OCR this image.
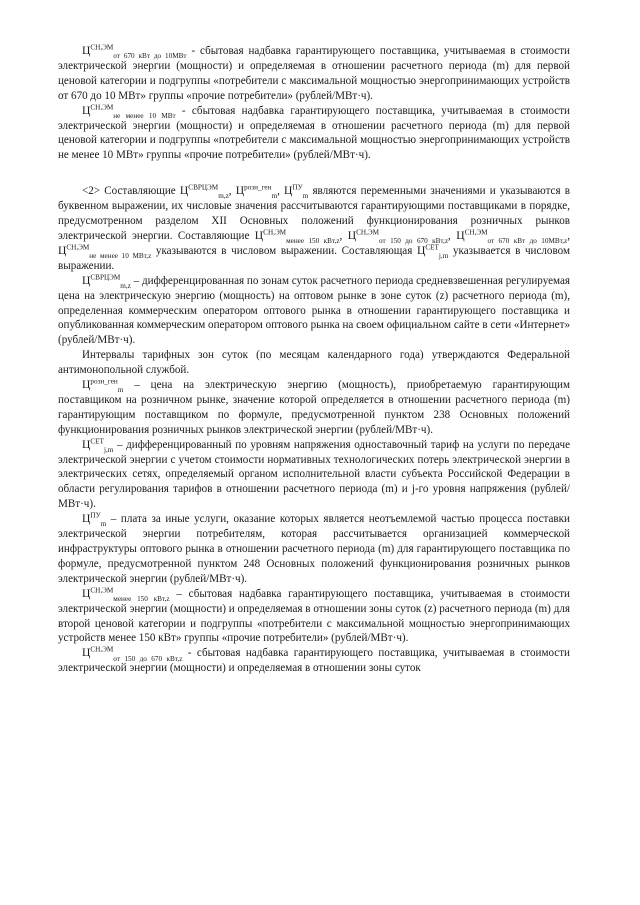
$Ц^{СН,ЭМ}_{от 670 кВт до 10МВт}$ - сбытовая надбавка гарантирующего поставщика, учитываемая в стоимости электрической энергии (мощности) и определяемая в отношении расчетного периода (m) для первой ценовой категории и подгруппы «потребители с максимальной мощностью энергопринимающих устройств от 670 до 10 МВт» группы «прочие потребители» (рублей/МВт·ч).

$Ц^{СН,ЭМ}_{не менее 10 МВт}$ - сбытовая надбавка гарантирующего поставщика, учитываемая в стоимости электрической энергии (мощности) и определяемая в отношении расчетного периода (m) для первой ценовой категории и подгруппы «потребители с максимальной мощностью энергопринимающих устройств не менее 10 МВт» группы «прочие потребители» (рублей/МВт·ч).

<2> Составляющие $Ц^{СВРЦЭМ}_{m,z}$, $Ц^{розн\_ген}_m$, $Ц^{ПУ}_m$ являются переменными значениями и указываются в буквенном выражении, их числовые значения рассчитываются гарантирующими поставщиками в порядке, предусмотренном разделом XII Основных положений функционирования розничных рынков электрической энергии. Составляющие $Ц^{СН,ЭМ}_{менее 150 кВт,z}$, $Ц^{СН,ЭМ}_{от 150 до 670 кВт,z}$, $Ц^{СН,ЭМ}_{от 670 кВт до 10МВт,z}$, $Ц^{СН,ЭМ}_{не менее 10 МВт,z}$ указываются в числовом выражении. Составляющая $Ц^{СЕТ}_{j,m}$ указывается в числовом выражении.

$Ц^{СВРЦЭМ}_{m,z}$ – дифференцированная по зонам суток расчетного периода средневзвешенная регулируемая цена на электрическую энергию (мощность) на оптовом рынке в зоне суток (z) расчетного периода (m), определенная коммерческим оператором оптового рынка в отношении гарантирующего поставщика и опубликованная коммерческим оператором оптового рынка на своем официальном сайте в сети «Интернет» (рублей/МВт·ч).

Интервалы тарифных зон суток (по месяцам календарного года) утверждаются Федеральной антимонопольной службой.

$Ц^{розн\_ген}_m$ – цена на электрическую энергию (мощность), приобретаемую гарантирующим поставщиком на розничном рынке, значение которой определяется в отношении расчетного периода (m) гарантирующим поставщиком по формуле, предусмотренной пунктом 238 Основных положений функционирования розничных рынков электрической энергии (рублей/МВт·ч).

$Ц^{СЕТ}_{j,m}$ – дифференцированный по уровням напряжения одноставочный тариф на услуги по передаче электрической энергии с учетом стоимости нормативных технологических потерь электрической энергии в электрических сетях, определяемый органом исполнительной власти субъекта Российской Федерации в области регулирования тарифов в отношении расчетного периода (m) и j-го уровня напряжения (рублей/МВт·ч).

$Ц^{ПУ}_m$ – плата за иные услуги, оказание которых является неотъемлемой частью процесса поставки электрической энергии потребителям, которая рассчитывается организацией коммерческой инфраструктуры оптового рынка в отношении расчетного периода (m) для гарантирующего поставщика по формуле, предусмотренной пунктом 248 Основных положений функционирования розничных рынков электрической энергии (рублей/МВт·ч).

$Ц^{СН,ЭМ}_{менее 150 кВт,z}$ – сбытовая надбавка гарантирующего поставщика, учитываемая в стоимости электрической энергии (мощности) и определяемая в отношении зоны суток (z) расчетного периода (m) для второй ценовой категории и подгруппы «потребители с максимальной мощностью энергопринимающих устройств менее 150 кВт» группы «прочие потребители» (рублей/МВт·ч).

$Ц^{СН,ЭМ}_{от 150 до 670 кВт,z}$ - сбытовая надбавка гарантирующего поставщика, учитываемая в стоимости электрической энергии (мощности) и определяемая в отношении зоны суток
